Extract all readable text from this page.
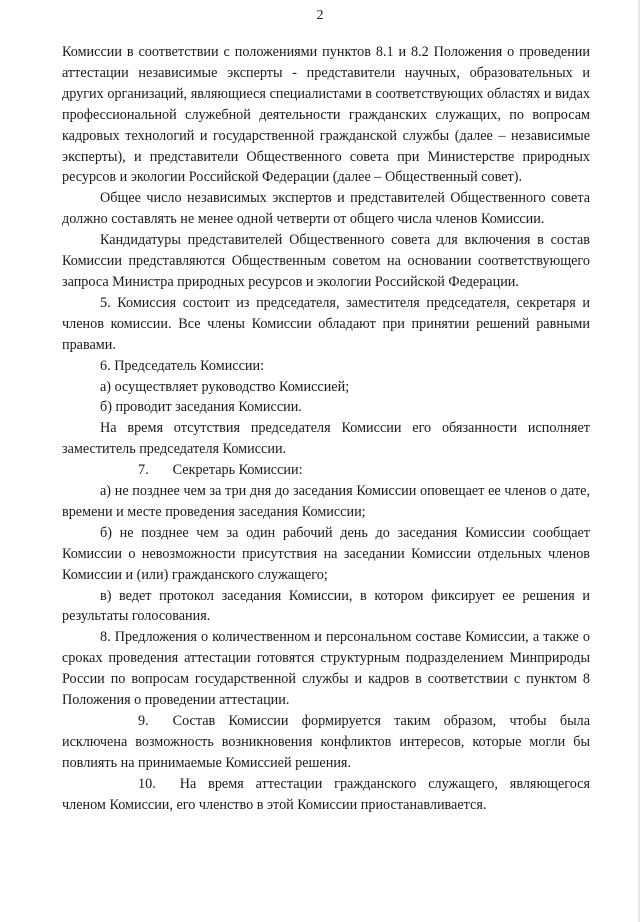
2

Комиссии в соответствии с положениями пунктов 8.1 и 8.2 Положения о проведении аттестации независимые эксперты - представители научных, образовательных и других организаций, являющиеся специалистами в соответствующих областях и видах профессиональной служебной деятельности гражданских служащих, по вопросам кадровых технологий и государственной гражданской службы (далее – независимые эксперты), и представители Общественного совета при Министерстве природных ресурсов и экологии Российской Федерации (далее – Общественный совет).

Общее число независимых экспертов и представителей Общественного совета должно составлять не менее одной четверти от общего числа членов Комиссии.

Кандидатуры представителей Общественного совета для включения в состав Комиссии представляются Общественным советом на основании соответствующего запроса Министра природных ресурсов и экологии Российской Федерации.

5. Комиссия состоит из председателя, заместителя председателя, секретаря и членов комиссии. Все члены Комиссии обладают при принятии решений равными правами.

6. Председатель Комиссии:

а) осуществляет руководство Комиссией;

б) проводит заседания Комиссии.

На время отсутствия председателя Комиссии его обязанности исполняет заместитель председателя Комиссии.

7. Секретарь Комиссии:

а) не позднее чем за три дня до заседания Комиссии оповещает ее членов о дате, времени и месте проведения заседания Комиссии;

б) не позднее чем за один рабочий день до заседания Комиссии сообщает Комиссии о невозможности присутствия на заседании Комиссии отдельных членов Комиссии и (или) гражданского служащего;

в) ведет протокол заседания Комиссии, в котором фиксирует ее решения и результаты голосования.

8. Предложения о количественном и персональном составе Комиссии, а также о сроках проведения аттестации готовятся структурным подразделением Минприроды России по вопросам государственной службы и кадров в соответствии с пунктом 8 Положения о проведении аттестации.

9. Состав Комиссии формируется таким образом, чтобы была исключена возможность возникновения конфликтов интересов, которые могли бы повлиять на принимаемые Комиссией решения.

10. На время аттестации гражданского служащего, являющегося членом Комиссии, его членство в этой Комиссии приостанавливается.
